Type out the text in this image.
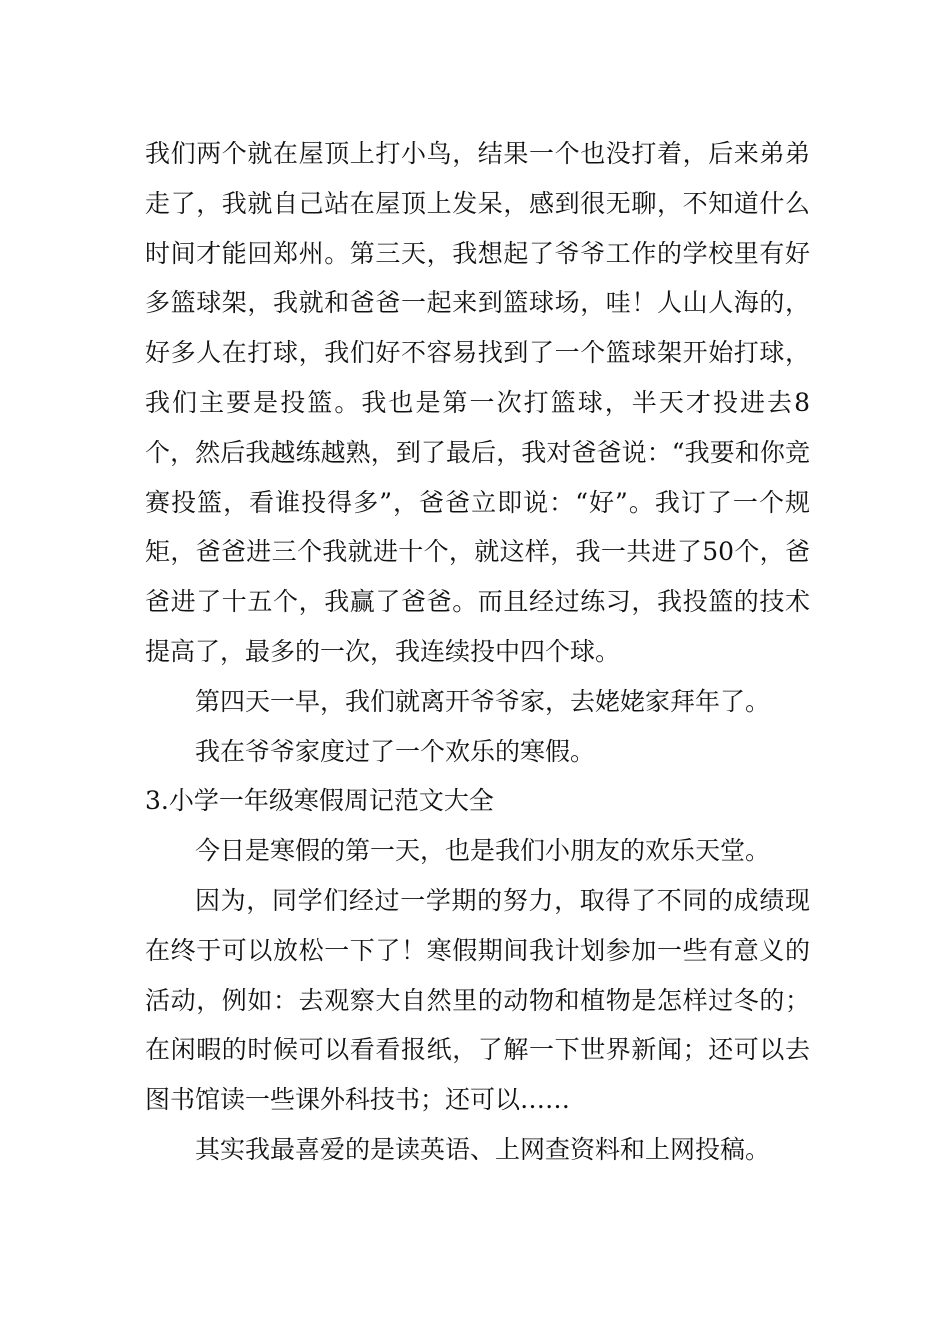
我们两个就在屋顶上打小鸟，结果一个也没打着，后来弟弟走了，我就自己站在屋顶上发呆，感到很无聊，不知道什么时间才能回郑州。第三天，我想起了爷爷工作的学校里有好多篮球架，我就和爸爸一起来到篮球场，哇！人山人海的，好多人在打球，我们好不容易找到了一个篮球架开始打球，我们主要是投篮。我也是第一次打篮球，半天才投进去8个，然后我越练越熟，到了最后，我对爸爸说：“我要和你竞赛投篮，看谁投得多”，爸爸立即说：“好”。我订了一个规矩，爸爸进三个我就进十个，就这样，我一共进了50个，爸爸进了十五个，我赢了爸爸。而且经过练习，我投篮的技术提高了，最多的一次，我连续投中四个球。

第四天一早，我们就离开爷爷家，去姥姥家拜年了。

我在爷爷家度过了一个欢乐的寒假。

3.小学一年级寒假周记范文大全

今日是寒假的第一天，也是我们小朋友的欢乐天堂。

因为，同学们经过一学期的努力，取得了不同的成绩现在终于可以放松一下了！寒假期间我计划参加一些有意义的活动，例如：去观察大自然里的动物和植物是怎样过冬的；在闲暇的时候可以看看报纸，了解一下世界新闻；还可以去图书馆读一些课外科技书；还可以……

其实我最喜爱的是读英语、上网查资料和上网投稿。
